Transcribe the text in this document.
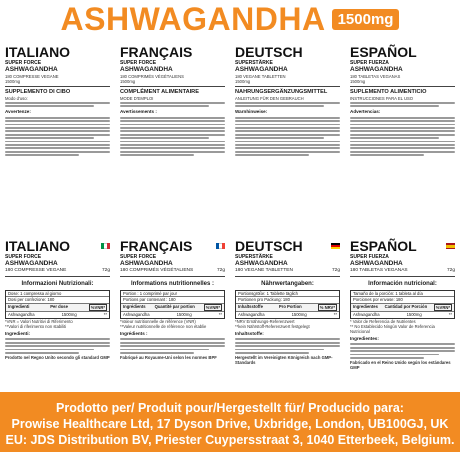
ASHWAGANDHA 1500mg
ITALIANO
SUPER FORCE
ASHWAGANDHA
180 COMPRESSE VEGANE
1500mg
SUPPLEMENTO DI CIBO
Modo d'uso:
Avvertenze:
FRANÇAIS
SUPER FORCE
ASHWAGANDHA
180 COMPRIMÉS VÉGÉTALIENS
1500mg
COMPLÉMENT ALIMENTAIRE
MODE D'EMPLOI
Avertissements :
DEUTSCH
SUPERSTÄRKE
ASHWAGANDHA
180 VEGANE TABLETTEN
1500mg
NAHRUNGSERGÄNZUNGSMITTEL
ANLEITUNG FÜR DEN GEBRAUCH
Warnhinweise:
ESPAÑOL
SUPER FUERZA
ASHWAGANDHA
180 TABLETAS VEGANAS
1500mg
SUPLEMENTO ALIMENTICIO
INSTRUCCIONES PARA EL USO
Advertencias:
ITALIANO
SUPER FORCE
ASHWAGANDHA
180 COMPRESSE VEGANE	72g
Informazioni Nutrizionali:
Dose: 1 compressa al giorno
Dosi per confezione: 180
Ingredienti	Per dose	%VNR*
Ashwagandha	1500mg	**
*VNR = Valori Nutritivi di Riferimento
**Valori di riferimento non stabiliti
Ingredienti:
Prodotto nel Regno Unito secondo gli standard GMP
FRANÇAIS
SUPER FORCE
ASHWAGANDHA
180 COMPRIMÉS VÉGÉTALIENS	72g
Informations nutritionnelles :
Portion : 1 comprimé par jour
Portions par contenant : 180
Ingrédients Quantité par portion	%VNR*
Ashwagandha	1500mg	**
*Valeur nutritionnelle de référence (VNR)
**Valeur nutritionnelle de référence non établie
Ingrédients :
Fabriqué au Royaume-Uni selon les normes BPF
DEUTSCH
SUPERSTÄRKE
ASHWAGANDHA
180 VEGANE TABLETTEN	72g
Nährwertangaben:
Portionsgröße: 1 Tablette täglich
Portionen pro Packung: 180
Inhaltsstoffe	Pro Portion	% NRV*
Ashwagandha	1500mg	**
*NRV Ernährungs-Referenzwert
**kein Nährstoff-Referenzwert festgelegt
Inhaltsstoffe:
Hergestellt im Vereinigten Königreich nach GMP-Standards
ESPAÑOL
SUPER FUERZA
ASHWAGANDHA
180 TABLETAS VEGANAS	72g
Información nutricional:
Tamaño de la porción: 1 tableta al día
Porciones por envase: 180
Ingredientes Cantidad por Porción	%VRN*
Ashwagandha	1500mg	**
* Valor de Referencia de Nutrientes
** No Establecido Ningún Valor de Referencia Nutricional
Ingredientes:
Fabricado en el Reino Unido según los estándares GMP
Prodotto per/ Produit pour/Hergestellt für/ Producido para:
Prowise Healthcare Ltd, 17 Dyson Drive, Uxbridge, London, UB100GJ, UK
EU: JDS Distribution BV, Priester Cuypersstraat 3, 1040 Etterbeek, Belgium.
